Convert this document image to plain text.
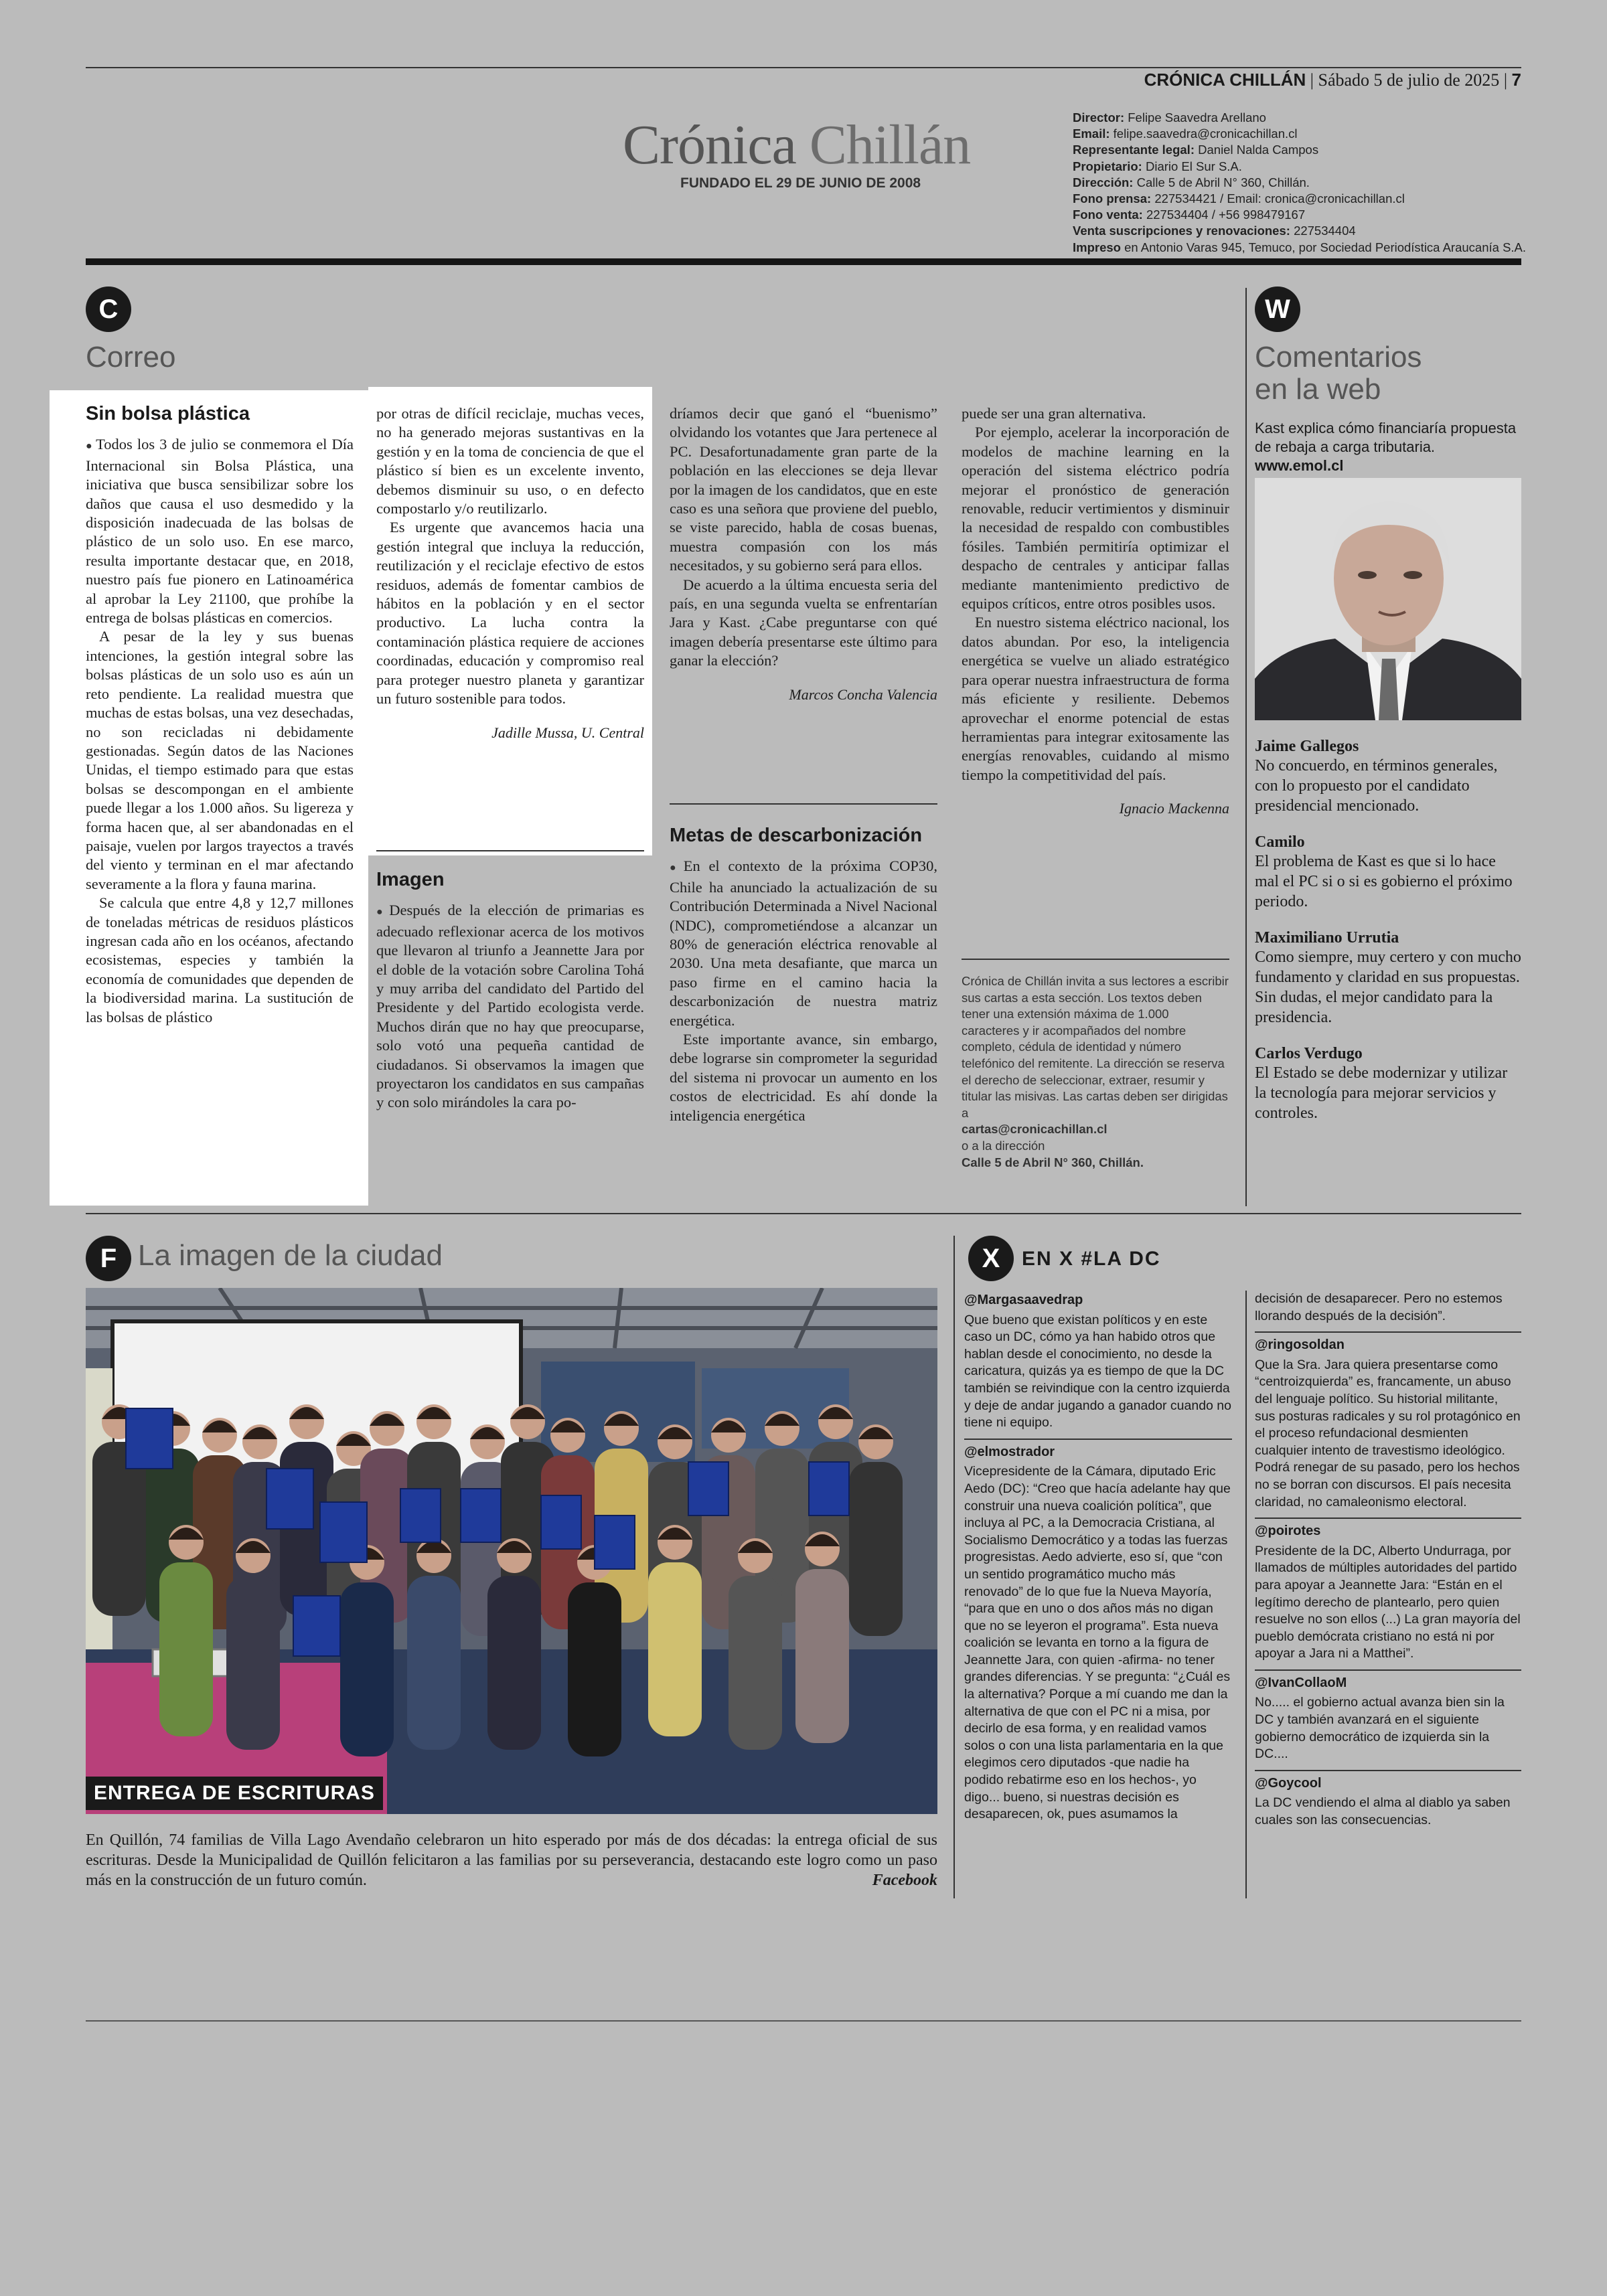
CRÓNICA CHILLÁN | Sábado 5 de julio de 2025 | 7
Crónica Chillán
FUNDADO EL 29 DE JUNIO DE 2008
Director: Felipe Saavedra Arellano
Email: felipe.saavedra@cronicachillan.cl
Representante legal: Daniel Nalda Campos
Propietario: Diario El Sur S.A.
Dirección: Calle 5 de Abril N° 360, Chillán.
Fono prensa: 227534421 / Email: cronica@cronicachillan.cl
Fono venta: 227534404 / +56 998479167
Venta suscripciones y renovaciones: 227534404
Impreso en Antonio Varas 945, Temuco, por Sociedad Periodística Araucanía S.A.
C
Correo
Sin bolsa plástica

● Todos los 3 de julio se conmemora el Día Internacional sin Bolsa Plástica, una iniciativa que busca sensibilizar sobre los daños que causa el uso desmedido y la disposición inadecuada de las bolsas de plástico de un solo uso. En ese marco, resulta importante destacar que, en 2018, nuestro país fue pionero en Latinoamérica al aprobar la Ley 21100, que prohíbe la entrega de bolsas plásticas en comercios.

A pesar de la ley y sus buenas intenciones, la gestión integral sobre las bolsas plásticas de un solo uso es aún un reto pendiente. La realidad muestra que muchas de estas bolsas, una vez desechadas, no son recicladas ni debidamente gestionadas. Según datos de las Naciones Unidas, el tiempo estimado para que estas bolsas se descompongan en el ambiente puede llegar a los 1.000 años. Su ligereza y forma hacen que, al ser abandonadas en el paisaje, vuelen por largos trayectos a través del viento y terminan en el mar afectando severamente a la flora y fauna marina.

Se calcula que entre 4,8 y 12,7 millones de toneladas métricas de residuos plásticos ingresan cada año en los océanos, afectando ecosistemas, especies y también la economía de comunidades que dependen de la biodiversidad marina. La sustitución de las bolsas de plástico

por otras de difícil reciclaje, muchas veces, no ha generado mejoras sustantivas en la gestión y en la toma de conciencia de que el plástico sí bien es un excelente invento, debemos disminuir su uso, o en defecto compostarlo y/o reutilizarlo.

Es urgente que avancemos hacia una gestión integral que incluya la reducción, reutilización y el reciclaje efectivo de estos residuos, además de fomentar cambios de hábitos en la población y en el sector productivo. La lucha contra la contaminación plástica requiere de acciones coordinadas, educación y compromiso real para proteger nuestro planeta y garantizar un futuro sostenible para todos.

Jadille Mussa, U. Central
Imagen

● Después de la elección de primarias es adecuado reflexionar acerca de los motivos que llevaron al triunfo a Jeannette Jara por el doble de la votación sobre Carolina Tohá y muy arriba del candidato del Partido del Presidente y del Partido ecologista verde. Muchos dirán que no hay que preocuparse, solo votó una pequeña cantidad de ciudadanos. Si observamos la imagen que proyectaron los candidatos en sus campañas y con solo mirándoles la cara po-

dríamos decir que ganó el “buenismo” olvidando los votantes que Jara pertenece al PC. Desafortunadamente gran parte de la población en las elecciones se deja llevar por la imagen de los candidatos, que en este caso es una señora que proviene del pueblo, se viste parecido, habla de cosas buenas, muestra compasión con los más necesitados, y su gobierno será para ellos.

De acuerdo a la última encuesta seria del país, en una segunda vuelta se enfrentarían Jara y Kast. ¿Cabe preguntarse con qué imagen debería presentarse este último para ganar la elección?

Marcos Concha Valencia
Metas de descarbonización

● En el contexto de la próxima COP30, Chile ha anunciado la actualización de su Contribución Determinada a Nivel Nacional (NDC), comprometiéndose a alcanzar un 80% de generación eléctrica renovable al 2030. Una meta desafiante, que marca un paso firme en el camino hacia la descarbonización de nuestra matriz energética.

Este importante avance, sin embargo, debe lograrse sin comprometer la seguridad del sistema ni provocar un aumento en los costos de electricidad. Es ahí donde la inteligencia energética

puede ser una gran alternativa.

Por ejemplo, acelerar la incorporación de modelos de machine learning en la operación del sistema eléctrico podría mejorar el pronóstico de generación renovable, reducir vertimientos y disminuir la necesidad de respaldo con combustibles fósiles. También permitiría optimizar el despacho de centrales y anticipar fallas mediante mantenimiento predictivo de equipos críticos, entre otros posibles usos.

En nuestro sistema eléctrico nacional, los datos abundan. Por eso, la inteligencia energética se vuelve un aliado estratégico para operar nuestra infraestructura de forma más eficiente y resiliente. Debemos aprovechar el enorme potencial de estas herramientas para integrar exitosamente las energías renovables, cuidando al mismo tiempo la competitividad del país.

Ignacio Mackenna
Crónica de Chillán invita a sus lectores a escribir sus cartas a esta sección. Los textos deben tener una extensión máxima de 1.000 caracteres y ir acompañados del nombre completo, cédula de identidad y número telefónico del remitente. La dirección se reserva el derecho de seleccionar, extraer, resumir y titular las misivas. Las cartas deben ser dirigidas a
cartas@cronicachillan.cl
o a la dirección
Calle 5 de Abril N° 360, Chillán.
W
Comentarios
en la web
Kast explica cómo financiaría propuesta de rebaja a carga tributaria. www.emol.cl
Jaime Gallegos
No concuerdo, en términos generales, con lo propuesto por el candidato presidencial mencionado.
Camilo
El problema de Kast es que si lo hace mal el PC si o si es gobierno el próximo periodo.
Maximiliano Urrutia
Como siempre, muy certero y con mucho fundamento y claridad en sus propuestas. Sin dudas, el mejor candidato para la presidencia.
Carlos Verdugo
El Estado se debe modernizar y utilizar la tecnología para mejorar servicios y controles.
F La imagen de la ciudad
ENTREGA DE ESCRITURAS
En Quillón, 74 familias de Villa Lago Avendaño celebraron un hito esperado por más de dos décadas: la entrega oficial de sus escrituras. Desde la Municipalidad de Quillón felicitaron a las familias por su perseverancia, destacando este logro como un paso más en la construcción de un futuro común.	Facebook
X	EN X #LA DC
@Margasaavedrap
Que bueno que existan políticos y en este caso un DC, cómo ya han habido otros que hablan desde el conocimiento, no desde la caricatura, quizás ya es tiempo de que la DC también se reivindique con la centro izquierda y deje de andar jugando a ganador cuando no tiene ni equipo.
@elmostrador
Vicepresidente de la Cámara, diputado Eric Aedo (DC): “Creo que hacía adelante hay que construir una nueva coalición política”, que incluya al PC, a la Democracia Cristiana, al Socialismo Democrático y a todas las fuerzas progresistas. Aedo advierte, eso sí, que “con un sentido programático mucho más renovado” de lo que fue la Nueva Mayoría, “para que en uno o dos años más no digan que no se leyeron el programa”. Esta nueva coalición se levanta en torno a la figura de Jeannette Jara, con quien -afirma- no tener grandes diferencias. Y se pregunta: “¿Cuál es la alternativa? Porque a mí cuando me dan la alternativa de que con el PC ni a misa, por decirlo de esa forma, y en realidad vamos solos o con una lista parlamentaria en la que elegimos cero diputados -que nadie ha podido rebatirme eso en los hechos-, yo digo... bueno, si nuestras decisión es desaparecen, ok, pues asumamos la
decisión de desaparecer. Pero no estemos llorando después de la decisión”.
@ringosoldan
Que la Sra. Jara quiera presentarse como “centroizquierda” es, francamente, un abuso del lenguaje político. Su historial militante, sus posturas radicales y su rol protagónico en el proceso refundacional desmienten cualquier intento de travestismo ideológico. Podrá renegar de su pasado, pero los hechos no se borran con discursos. El país necesita claridad, no camaleonismo electoral.
@poirotes
Presidente de la DC, Alberto Undurraga, por llamados de múltiples autoridades del partido para apoyar a Jeannette Jara: “Están en el legítimo derecho de plantearlo, pero quien resuelve no son ellos (...) La gran mayoría del pueblo demócrata cristiano no está ni por apoyar a Jara ni a Matthei”.
@IvanCollaoM
No..... el gobierno actual avanza bien sin la DC y también avanzará en el siguiente gobierno democrático de izquierda sin la DC....
@Goycool
La DC vendiendo el alma al diablo ya saben cuales son las consecuencias.
